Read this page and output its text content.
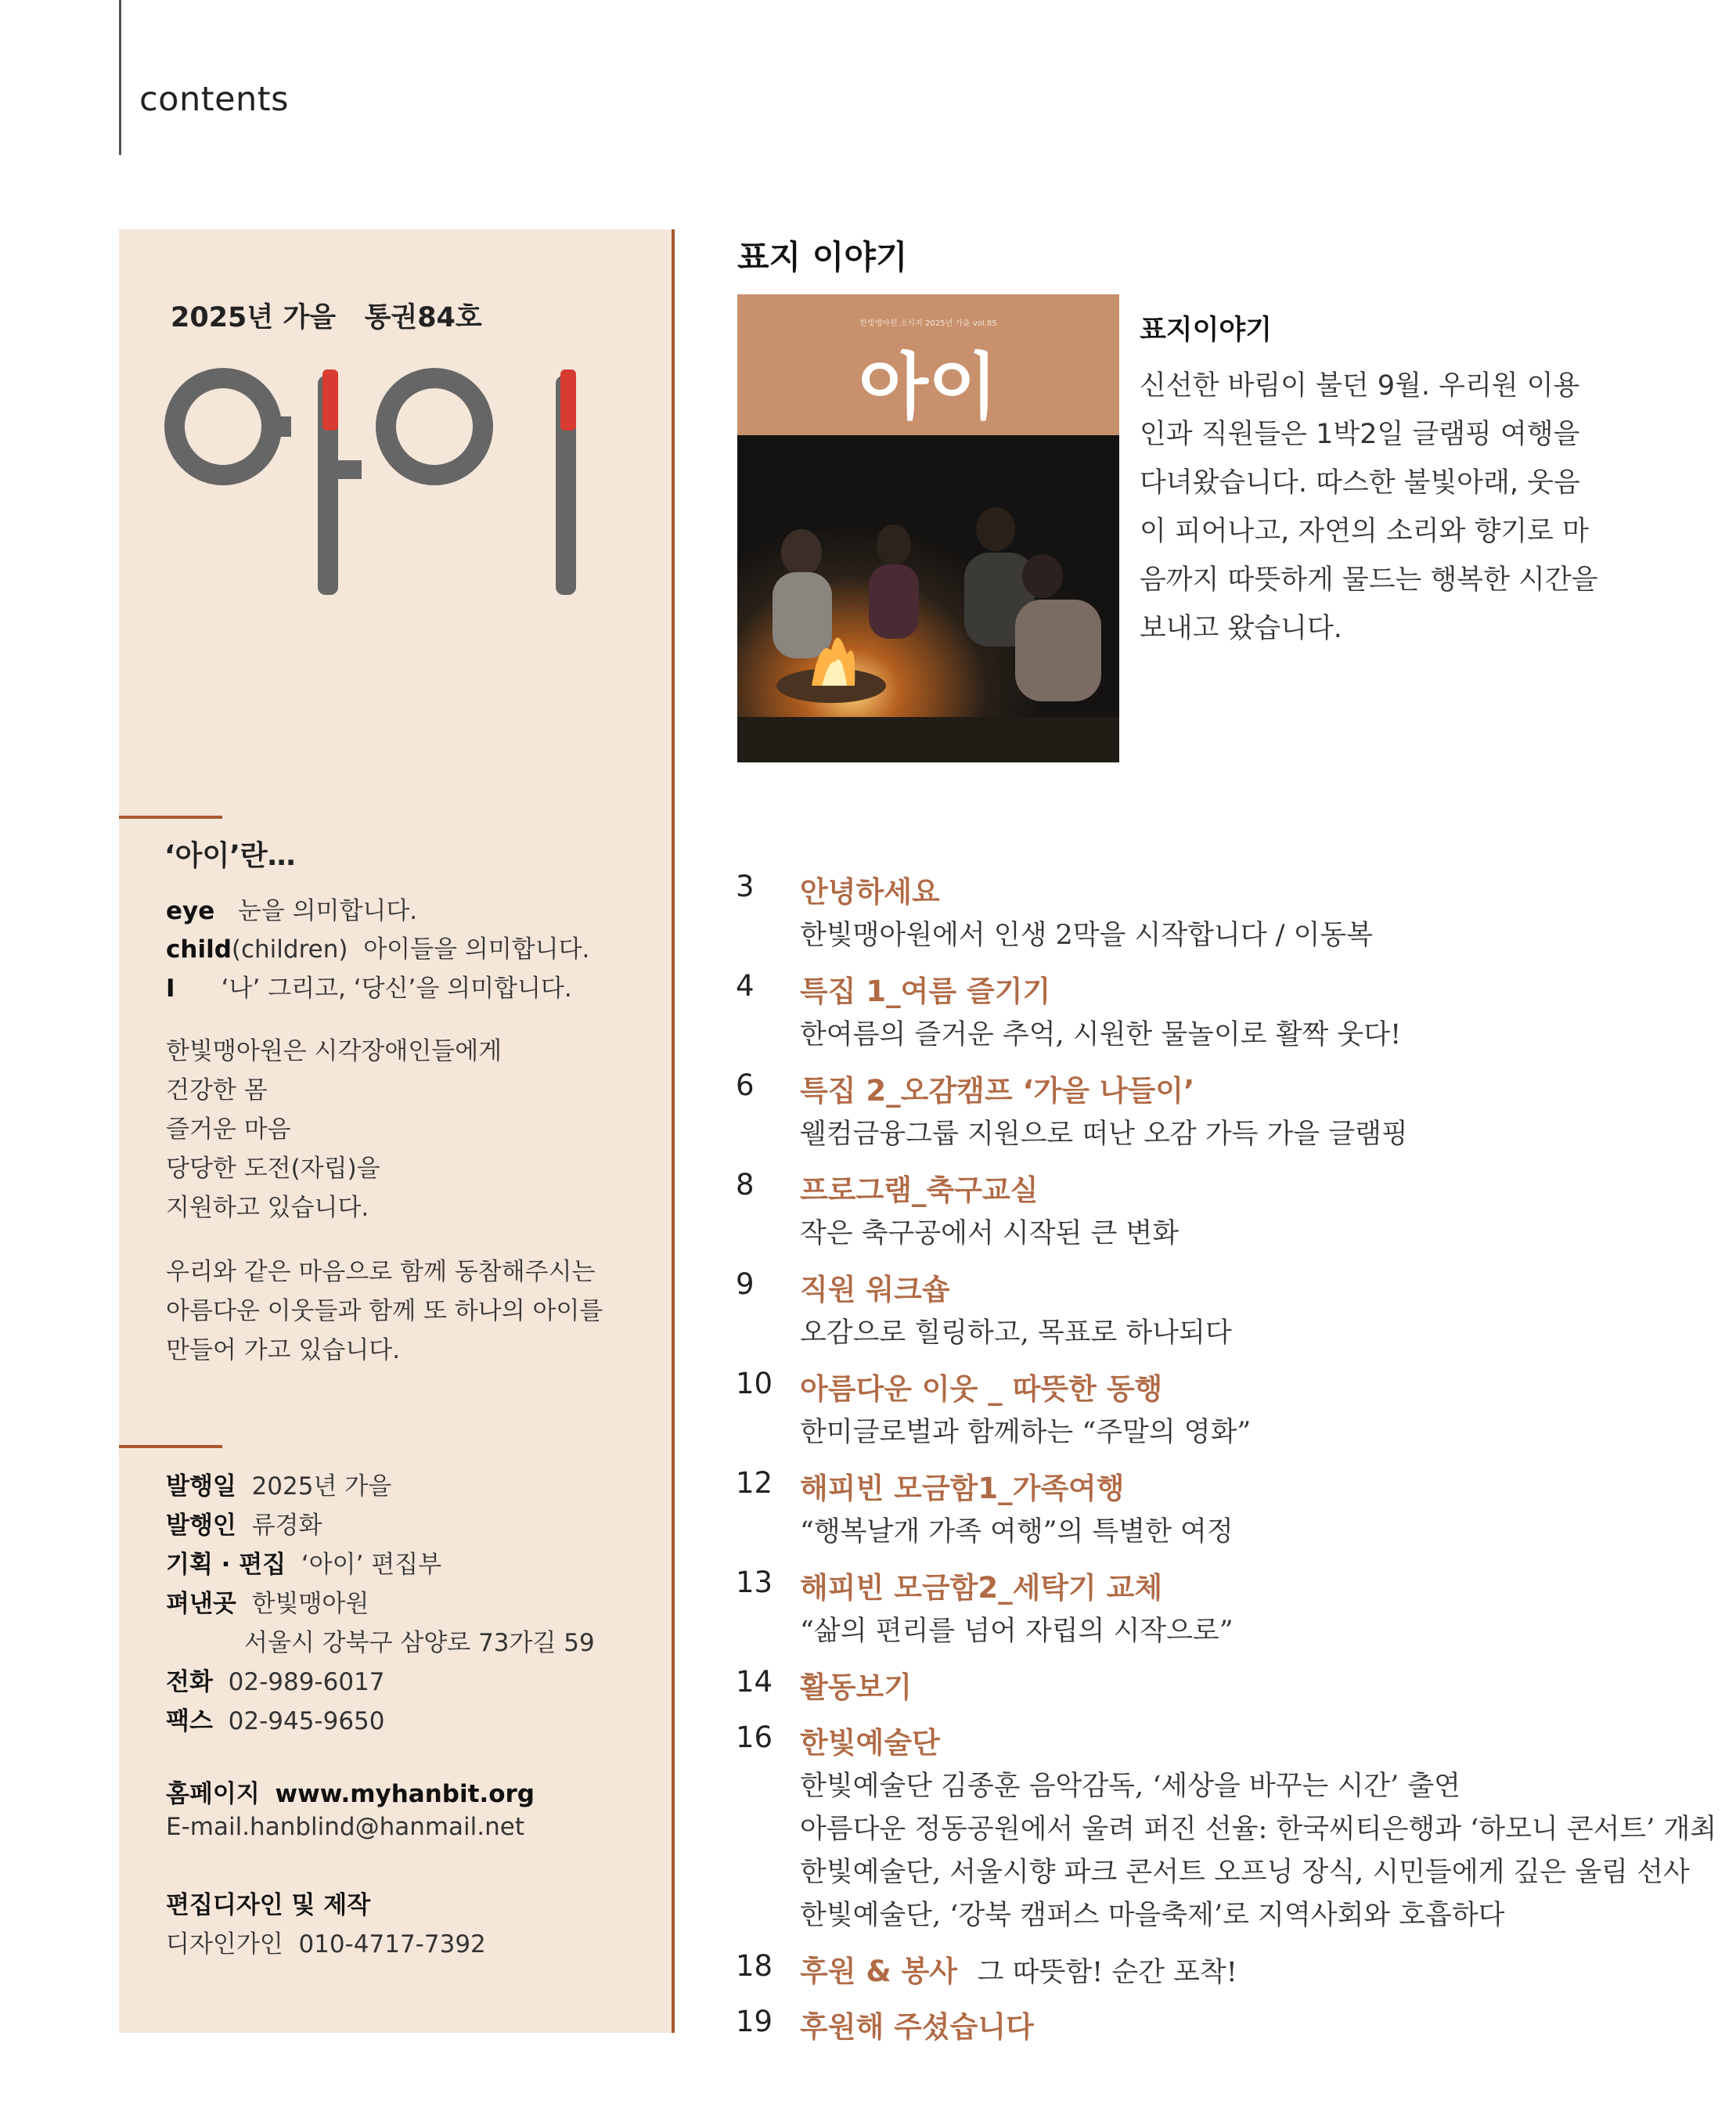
contents
2025년 가을   통권84호
‘아이’란…
eye 눈을 의미합니다.
child(children) 아이들을 의미합니다.
I ‘나’ 그리고, ‘당신’을 의미합니다.
한빛맹아원은 시각장애인들에게
건강한 몸
즐거운 마음
당당한 도전(자립)을
지원하고 있습니다.
우리와 같은 마음으로 함께 동참해주시는
아름다운 이웃들과 함께 또 하나의 아이를
만들어 가고 있습니다.
발행일 2025년 가을
발행인 류경화
기획 · 편집 ‘아이’ 편집부
펴낸곳 한빛맹아원
서울시 강북구 삼양로 73가길 59
전화 02-989-6017
팩스 02-945-9650
홈페이지 www.myhanbit.org
E-mail.hanblind@hanmail.net
편집디자인 및 제작
디자인가인  010-4717-7392
표지 이야기
한빛맹아원 소식지 2025년 가을 vol.85
아이
표지이야기
신선한 바림이 불던 9월. 우리원 이용
인과 직원들은 1박2일 글램핑 여행을
다녀왔습니다. 따스한 불빛아래, 웃음
이 피어나고, 자연의 소리와 향기로 마
음까지 따뜻하게 물드는 행복한 시간을
보내고 왔습니다.
3 안녕하세요
한빛맹아원에서 인생 2막을 시작합니다 / 이동복
4 특집 1_여름 즐기기
한여름의 즐거운 추억, 시원한 물놀이로 활짝 웃다!
6 특집 2_오감캠프 ‘가을 나들이’
웰컴금융그룹 지원으로 떠난 오감 가득 가을 글램핑
8 프로그램_축구교실
작은 축구공에서 시작된 큰 변화
9 직원 워크숍
오감으로 힐링하고, 목표로 하나되다
10 아름다운 이웃 _ 따뜻한 동행
한미글로벌과 함께하는 “주말의 영화”
12 해피빈 모금함1_가족여행
“행복날개 가족 여행”의 특별한 여정
13 해피빈 모금함2_세탁기 교체
“삶의 편리를 넘어 자립의 시작으로”
14 활동보기
16 한빛예술단
한빛예술단 김종훈 음악감독, ‘세상을 바꾸는 시간’ 출연
아름다운 정동공원에서 울려 퍼진 선율: 한국씨티은행과 ‘하모니 콘서트’ 개최
한빛예술단, 서울시향 파크 콘서트 오프닝 장식, 시민들에게 깊은 울림 선사
한빛예술단, ‘강북 캠퍼스 마을축제’로 지역사회와 호흡하다
18 후원 & 봉사 그 따뜻함! 순간 포착!
19 후원해 주셨습니다
